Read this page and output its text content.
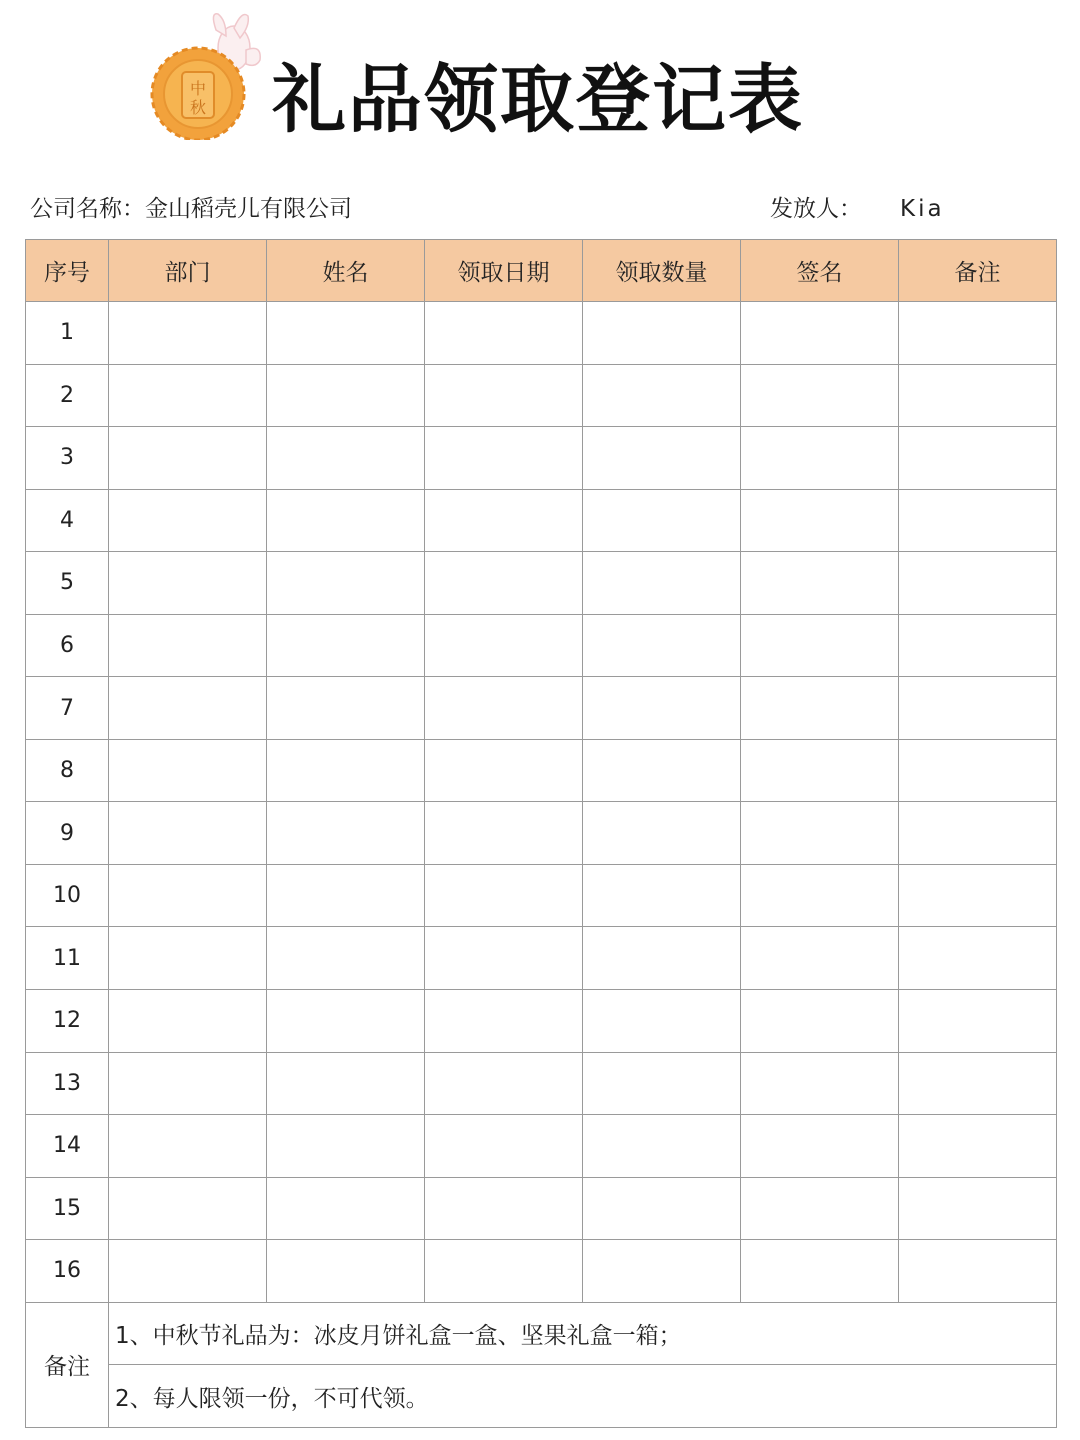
中
秋 礼品领取登记表
公司名称：金山稻壳儿有限公司	发放人： Kia
序号	部门	姓名	领取日期	领取数量	签名	备注
1						
2						
3						
4						
5						
6						
7						
8						
9						
10						
11						
12						
13						
14						
15						
16						
备注	1、中秋节礼品为：冰皮月饼礼盒一盒、坚果礼盒一箱；					
	2、每人限领一份，不可代领。					
